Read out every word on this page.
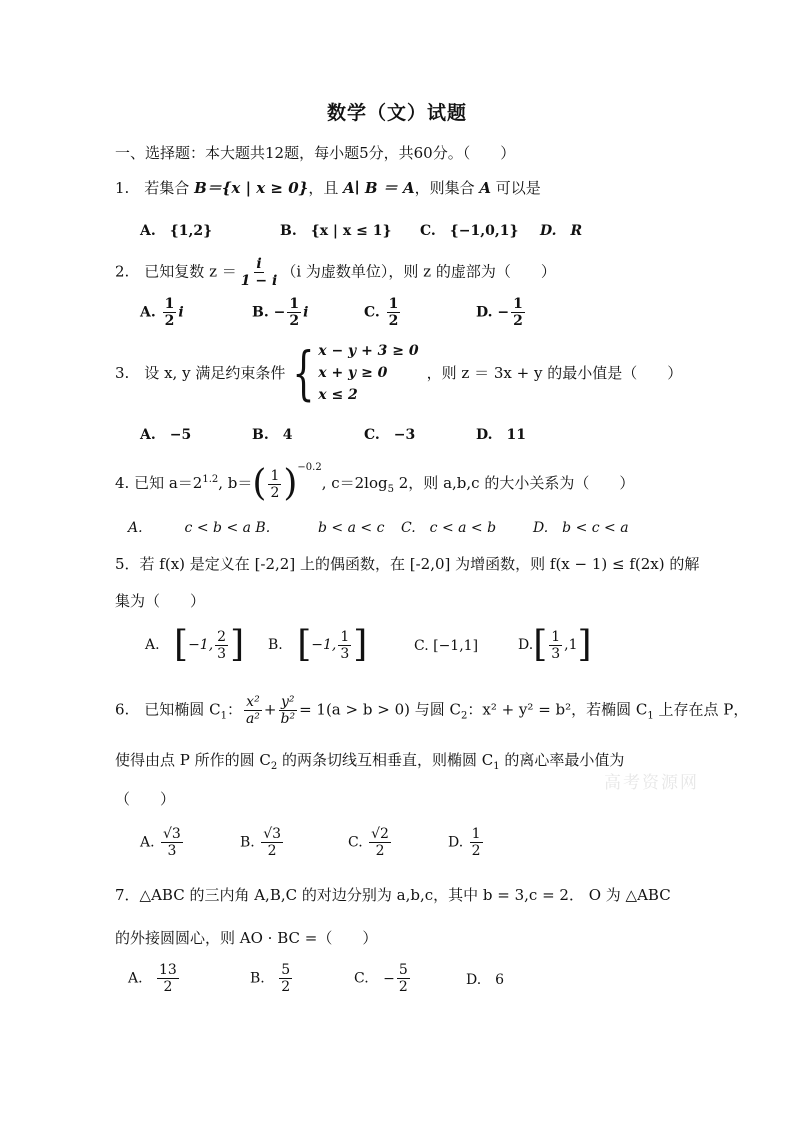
数学（文）试题
一、选择题：本大题共12题，每小题5分，共60分。（　　）
1.　若集合 B＝{x | x ≥ 0}，且 A∣ B ＝ A，则集合 A 可以是
A.　{1,2}	B.　{x | x ≤ 1} C.　{−1,0,1} D.　R
2.　已知复数 $z = \frac{i}{1 - i} (i$ 为虚数单位），则 z 的虚部为（　　）
A. $\frac{1}{2}$ i	B. − $\frac{1}{2}$ i	C. $\frac{1}{2}$	D. − $\frac{1}{2}$
3.　设 x, y 满足约束条件 { x − y + 3 ≥ 0
x + y ≥ 0
x ≤ 2
，则 z ＝ 3x + y 的最小值是（　　）
A.　−5	B.　4	C.　−3	D.　11
4. 已知 $a=2^{1.2}$, $b=( \frac{1}{2} )^{-0.2}$, $c=2\log_5$ 2，则 a,b,c 的大小关系为（　　）
A.　　　c < b < a B.	b < a < c C.　c < a < b	D.　b < c < a
5．若 f(x) 是定义在 [-2,2] 上的偶函数，在 [-2,0] 为增函数，则 f(x − 1) ≤ f(2x) 的解
集为（　　）
A. [−1, $\frac{2}{3}$ ] B. [−1, $\frac{1}{3}$ ]	C. [−1,1]	$D.[ \frac{1}{3} ,1]$
6.　已知椭圆 $C_1$： $\frac{\text{x²}}{\text{a²}} + \frac{\text{y²}}{\text{b²}} = 1(a > b > 0)$ 与圆 $C_2$：x² + y² = b²，若椭圆 $C_1$ 上存在点 P，
使得由点 P 所作的圆 $C_2$ 的两条切线互相垂直，则椭圆 $C_1$ 的离心率最小值为
（　　）
A. $\frac{√3}{3}$	B. $\frac{√3}{2}$	C. $\frac{√2}{2}$	D. $\frac{1}{2}$
7．△ABC 的三内角 A,B,C 的对边分别为 a,b,c，其中 b = 3,c = 2． O 为 △ABC
的外接圆圆心，则 AO · BC =（　　）
A. $\frac{13}{2}$	B. $\frac{5}{2}$	C. − $\frac{5}{2}$	D.　6
高考资源网
